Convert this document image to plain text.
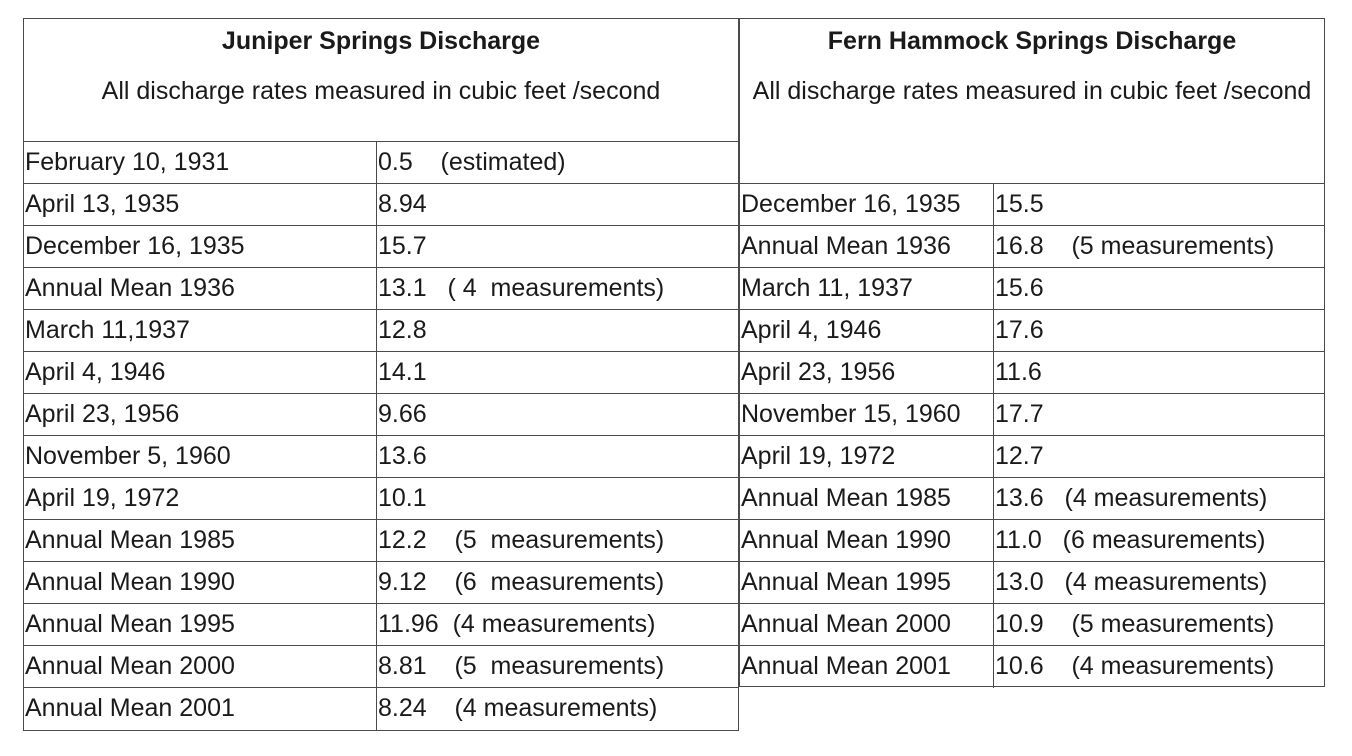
Juniper Springs Discharge
All discharge rates measured in cubic feet /second
February 10, 1931	0.5    (estimated)
April 13, 1935	8.94
December 16, 1935	15.7
Annual Mean 1936	13.1   ( 4  measurements)
March 11,1937	12.8
April 4, 1946	14.1
April 23, 1956	9.66
November 5, 1960	13.6
April 19, 1972	10.1
Annual Mean 1985	12.2    (5  measurements)
Annual Mean 1990	9.12    (6  measurements)
Annual Mean 1995	11.96  (4 measurements)
Annual Mean 2000	8.81    (5  measurements)
Annual Mean 2001	8.24    (4 measurements)
Fern Hammock Springs Discharge
All discharge rates measured in cubic feet /second
December 16, 1935	15.5
Annual Mean 1936	16.8    (5 measurements)
March 11, 1937	15.6
April 4, 1946	17.6
April 23, 1956	11.6
November 15, 1960	17.7
April 19, 1972	12.7
Annual Mean 1985	13.6   (4 measurements)
Annual Mean 1990	11.0   (6 measurements)
Annual Mean 1995	13.0   (4 measurements)
Annual Mean 2000	10.9    (5 measurements)
Annual Mean 2001	10.6    (4 measurements)
